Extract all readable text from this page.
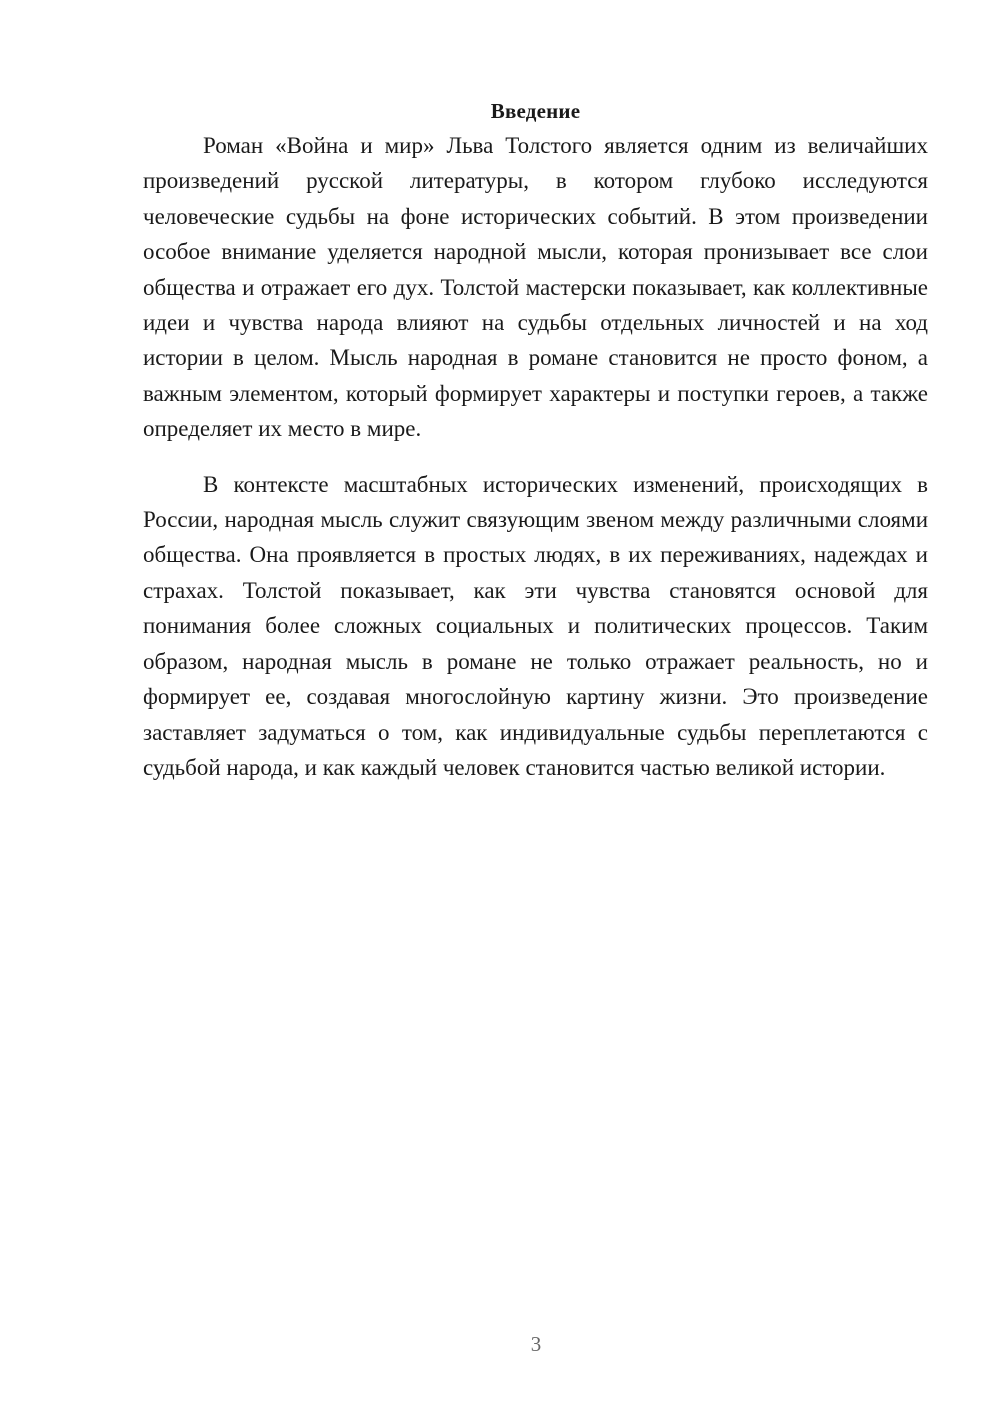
Введение

Роман «Война и мир» Льва Толстого является одним из величайших произведений русской литературы, в котором глубоко исследуются человеческие судьбы на фоне исторических событий. В этом произведении особое внимание уделяется народной мысли, которая пронизывает все слои общества и отражает его дух. Толстой мастерски показывает, как коллективные идеи и чувства народа влияют на судьбы отдельных личностей и на ход истории в целом. Мысль народная в романе становится не просто фоном, а важным элементом, который формирует характеры и поступки героев, а также определяет их место в мире.

В контексте масштабных исторических изменений, происходящих в России, народная мысль служит связующим звеном между различными слоями общества. Она проявляется в простых людях, в их переживаниях, надеждах и страхах. Толстой показывает, как эти чувства становятся основой для понимания более сложных социальных и политических процессов. Таким образом, народная мысль в романе не только отражает реальность, но и формирует ее, создавая многослойную картину жизни. Это произведение заставляет задуматься о том, как индивидуальные судьбы переплетаются с судьбой народа, и как каждый человек становится частью великой истории.

3
